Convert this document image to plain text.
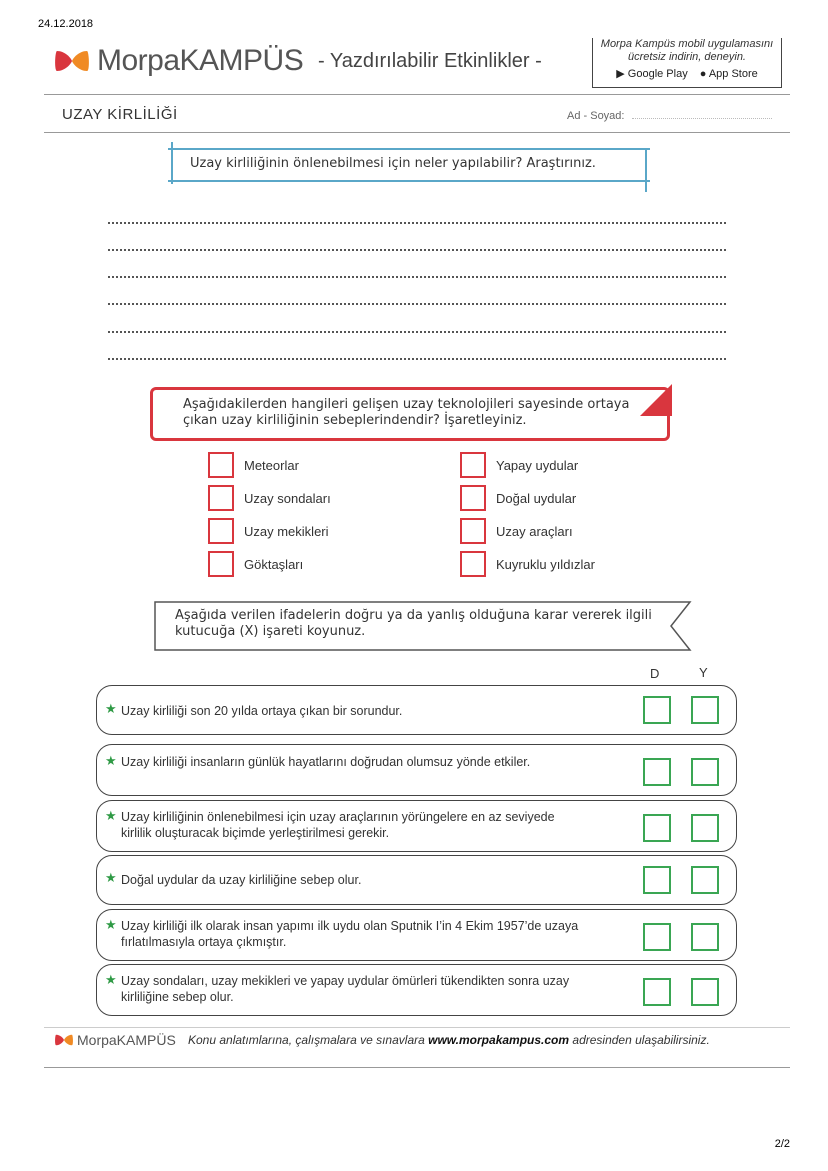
24.12.2018
MorpaKAMPÜS - Yazdırılabilir Etkinlikler -
Morpa Kampüs mobil uygulamasını
ücretsiz indirin, deneyin.
▶ Google Play ● App Store
UZAY KİRLİLİĞİ	Ad - Soyad:
Uzay kirliliğinin önlenebilmesi için neler yapılabilir? Araştırınız.
Aşağıdakilerden hangileri gelişen uzay teknolojileri sayesinde ortaya çıkan uzay kirliliğinin sebeplerindendir? İşaretleyiniz.
Meteorlar
Uzay sondaları
Uzay mekikleri
Göktaşları
Yapay uydular
Doğal uydular
Uzay araçları
Kuyruklu yıldızlar
Aşağıda verilen ifadelerin doğru ya da yanlış olduğuna karar vererek ilgili kutucuğa (X) işareti koyunuz.
D	Y
★ Uzay kirliliği son 20 yılda ortaya çıkan bir sorundur.
★ Uzay kirliliği insanların günlük hayatlarını doğrudan olumsuz yönde etkiler.
★ Uzay kirliliğinin önlenebilmesi için uzay araçlarının yörüngelere en az seviyede kirlilik oluşturacak biçimde yerleştirilmesi gerekir.
★ Doğal uydular da uzay kirliliğine sebep olur.
★ Uzay kirliliği ilk olarak insan yapımı ilk uydu olan Sputnik I’in 4 Ekim 1957’de uzaya fırlatılmasıyla ortaya çıkmıştır.
★ Uzay sondaları, uzay mekikleri ve yapay uydular ömürleri tükendikten sonra uzay kirliliğine sebep olur.
MorpaKAMPÜS Konu anlatımlarına, çalışmalara ve sınavlara www.morpakampus.com adresinden ulaşabilirsiniz.
2/2
